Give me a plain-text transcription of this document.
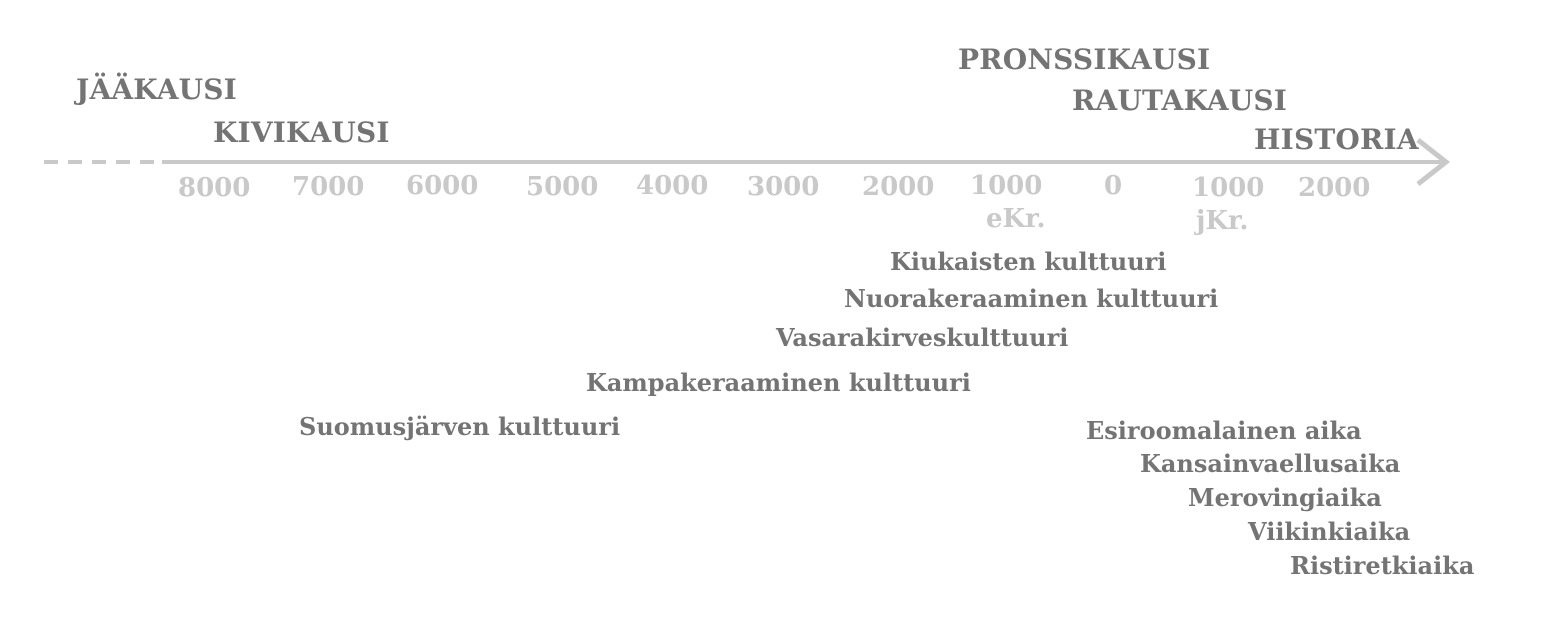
JÄÄKAUSI
KIVIKAUSI
PRONSSIKAUSI
RAUTAKAUSI
HISTORIA
8000 7000 6000 5000 4000 3000 2000 1000
eKr.
0	1000
jKr.
2000
Kiukaisten kulttuuri
Nuorakeraaminen kulttuuri
Vasarakirveskulttuuri
Kampakeraaminen kulttuuri
Suomusjärven kulttuuri	Esiroomalainen aika
Kansainvaellusaika
Merovingiaika
Viikinkiaika
Ristiretkiaika
